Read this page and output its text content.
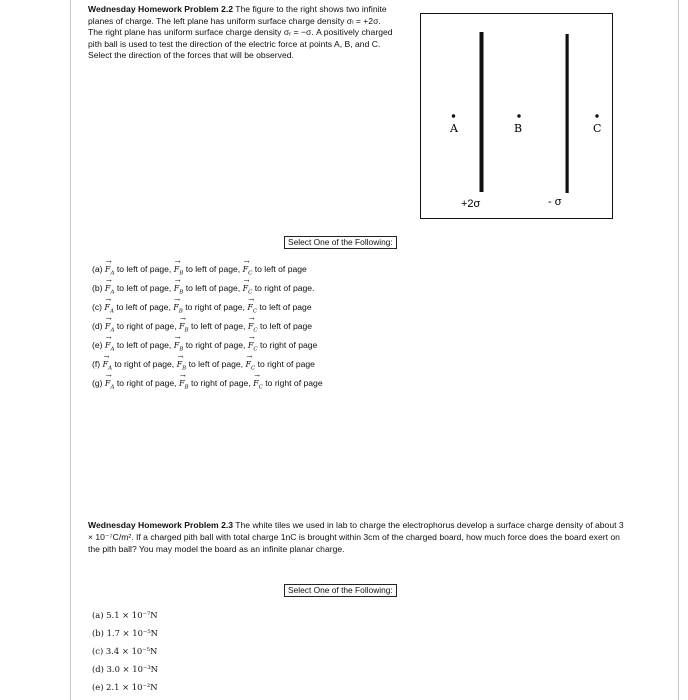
Wednesday Homework Problem 2.2 The figure to the right shows two infinite planes of charge. The left plane has uniform surface charge density σₗ = +2σ. The right plane has uniform surface charge density σᵣ = −σ. A positively charged pith ball is used to test the direction of the electric force at points A, B, and C. Select the direction of the forces that will be observed.
A	B	C
+2σ	- σ
Select One of the Following:
$(a) \to F_A$ to left of page, → $F_B$ to left of page, → $F_C$ to left of page
$(b) \to F_A$ to left of page, → $F_B$ to left of page, → $F_C$ to right of page.
$(c) \to F_A$ to left of page, → $F_B$ to right of page, → $F_C$ to left of page
$(d) \to F_A$ to right of page, → $F_B$ to left of page, → $F_C$ to left of page
$(e) \to F_A$ to left of page, → $F_B$ to right of page, → $F_C$ to right of page
$(f) \to F_A$ to right of page, → $F_B$ to left of page, → $F_C$ to right of page
$(g) \to F_A$ to right of page, → $F_B$ to right of page, → $F_C$ to right of page
Wednesday Homework Problem 2.3 The white tiles we used in lab to charge the electrophorus develop a surface charge density of about 3 × 10⁻⁷C/m². If a charged pith ball with total charge 1nC is brought within 3cm of the charged board, how much force does the board exert on the pith ball? You may model the board as an infinite planar charge.
Select One of the Following:
(a) 5.1 × 10⁻⁷N
(b) 1.7 × 10⁻⁵N
(c) 3.4 × 10⁻⁵N
(d) 3.0 × 10⁻³N
(e) 2.1 × 10⁻²N
